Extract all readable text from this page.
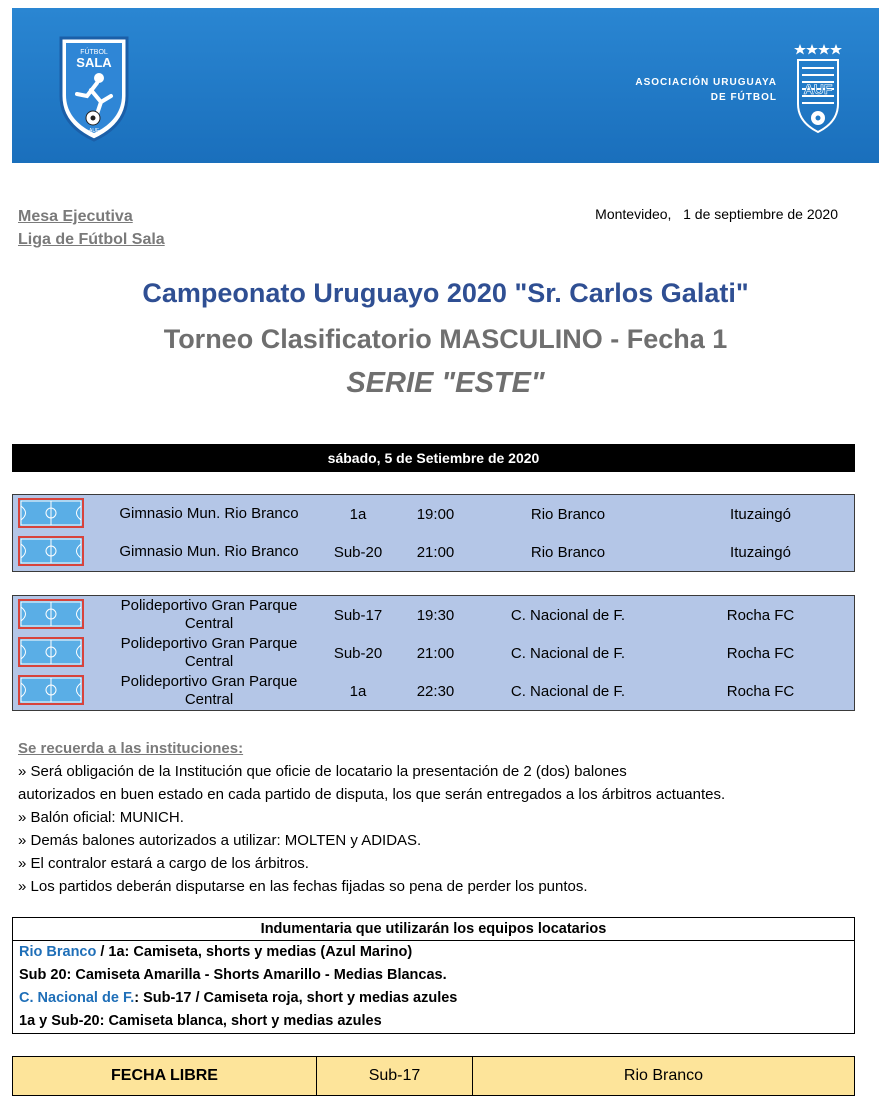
FÚTBOL
SALA
AUF
ASOCIACIÓN URUGUAYA
DE FÚTBOL
AUF
Mesa Ejecutiva
Liga de Fútbol Sala
Montevideo,   1 de septiembre de 2020
Campeonato Uruguayo 2020 "Sr. Carlos Galati"
Torneo Clasificatorio MASCULINO - Fecha 1
SERIE "ESTE"
sábado, 5 de Setiembre de 2020
Gimnasio Mun. Rio Branco	1a	19:00	Rio Branco	Ituzaingó
Gimnasio Mun. Rio Branco	Sub-20	21:00	Rio Branco	Ituzaingó
Polideportivo Gran Parque Central	Sub-17	19:30	C. Nacional de F.	Rocha FC
Polideportivo Gran Parque Central	Sub-20	21:00	C. Nacional de F.	Rocha FC
Polideportivo Gran Parque Central	1a	22:30	C. Nacional de F.	Rocha FC
Se recuerda a las instituciones:
» Será obligación de la Institución que oficie de locatario la presentación de 2 (dos) balones
autorizados en buen estado en cada partido de disputa, los que serán entregados a los árbitros actuantes.
» Balón oficial: MUNICH.
» Demás balones autorizados a utilizar: MOLTEN y ADIDAS.
» El contralor estará a cargo de los árbitros.
» Los partidos deberán disputarse en las fechas fijadas so pena de perder los puntos.
Indumentaria que utilizarán los equipos locatarios
Rio Branco / 1a: Camiseta, shorts y medias (Azul Marino)
Sub 20: Camiseta Amarilla - Shorts Amarillo - Medias Blancas.
C. Nacional de F.: Sub-17 / Camiseta roja, short y medias azules
1a y Sub-20: Camiseta blanca, short y medias azules
FECHA LIBRE	Sub-17	Rio Branco
